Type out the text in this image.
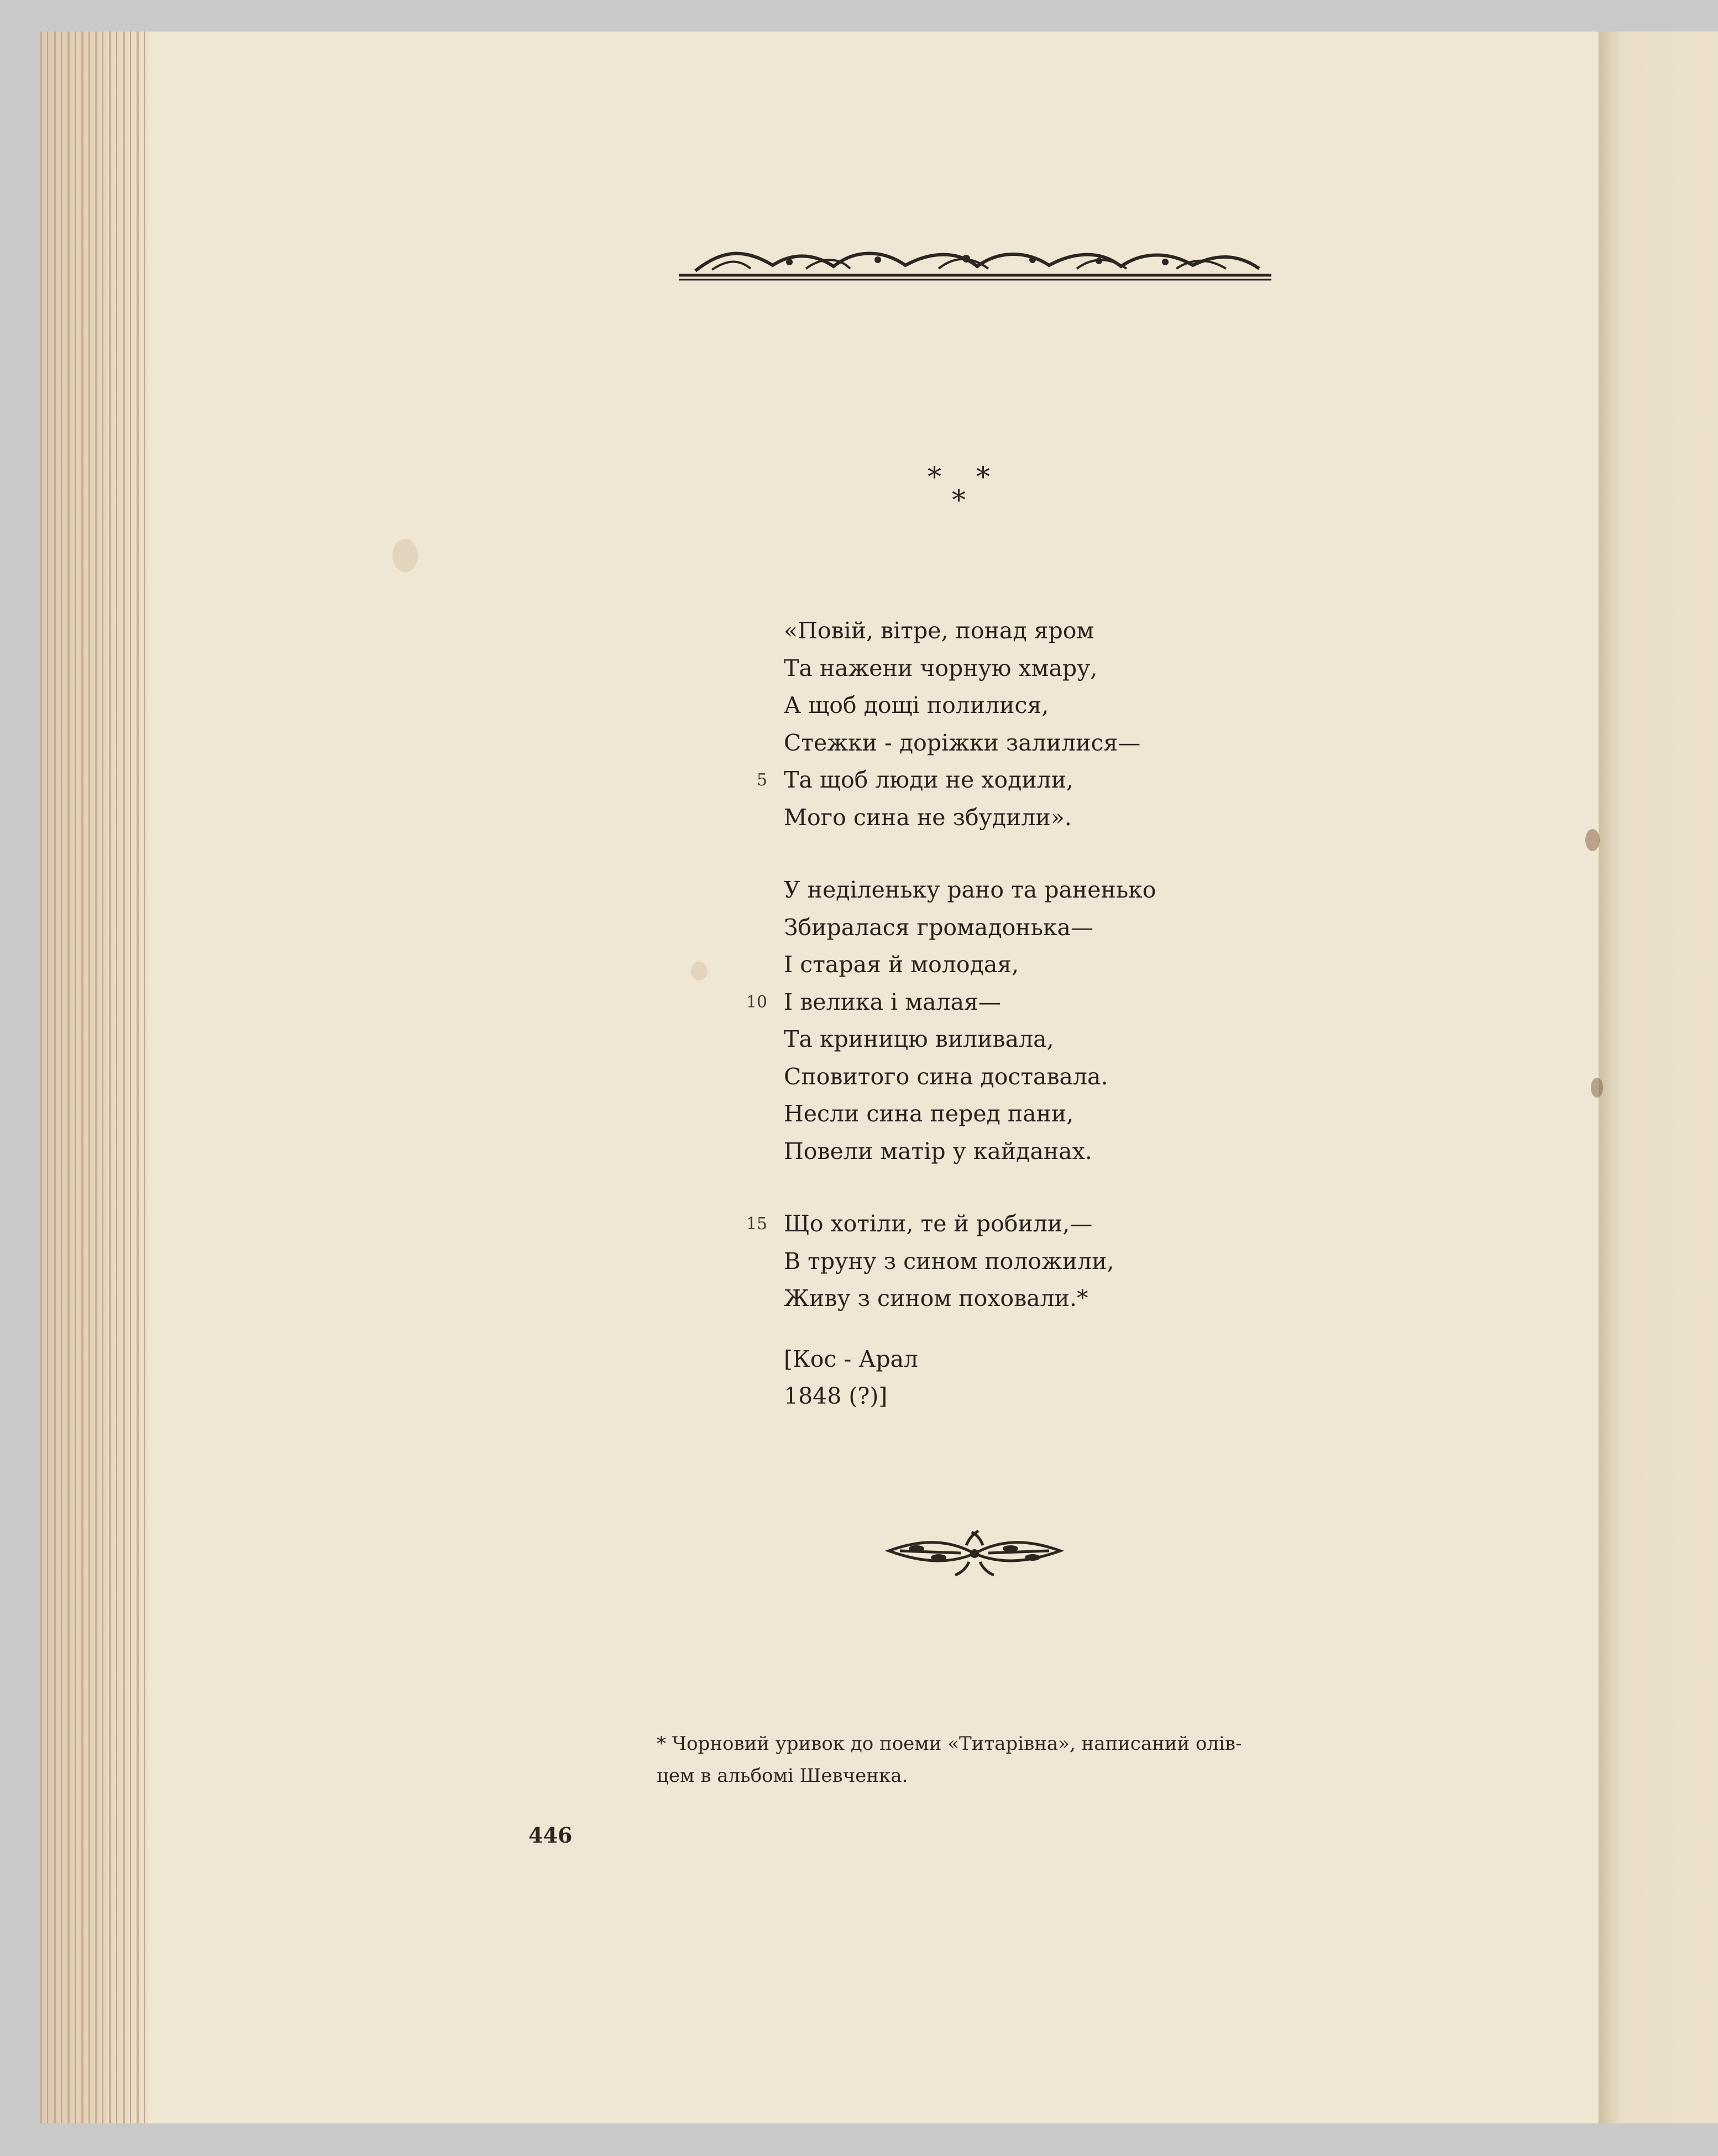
* *
*
«Повій, вітре, понад яром
Та нажени чорную хмару,
А щоб дощі полилися,
Стежки - доріжки залилися—
5 Та щоб люди не ходили,
Мого сина не збудили».
У неділеньку рано та раненько
Збиралася громадонька—
І старая й молодая,
10 І велика і малая—
Та криницю виливала,
Сповитого сина доставала.
Несли сина перед пани,
Повели матір у кайданах.
15 Що хотіли, те й робили,—
В труну з сином положили,
Живу з сином поховали.*
[Кос - Арал
1848 (?)]
* Чорновий уривок до поеми «Титарівна», написаний олів-
цем в альбомі Шевченка.
446
